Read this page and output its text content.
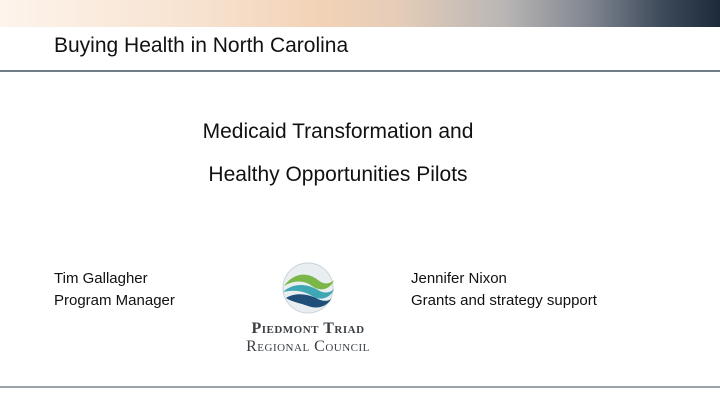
Buying Health in North Carolina
Medicaid Transformation and
Healthy Opportunities Pilots
Tim Gallagher
Program Manager
Piedmont Triad
Regional Council
Jennifer Nixon
Grants and strategy support
